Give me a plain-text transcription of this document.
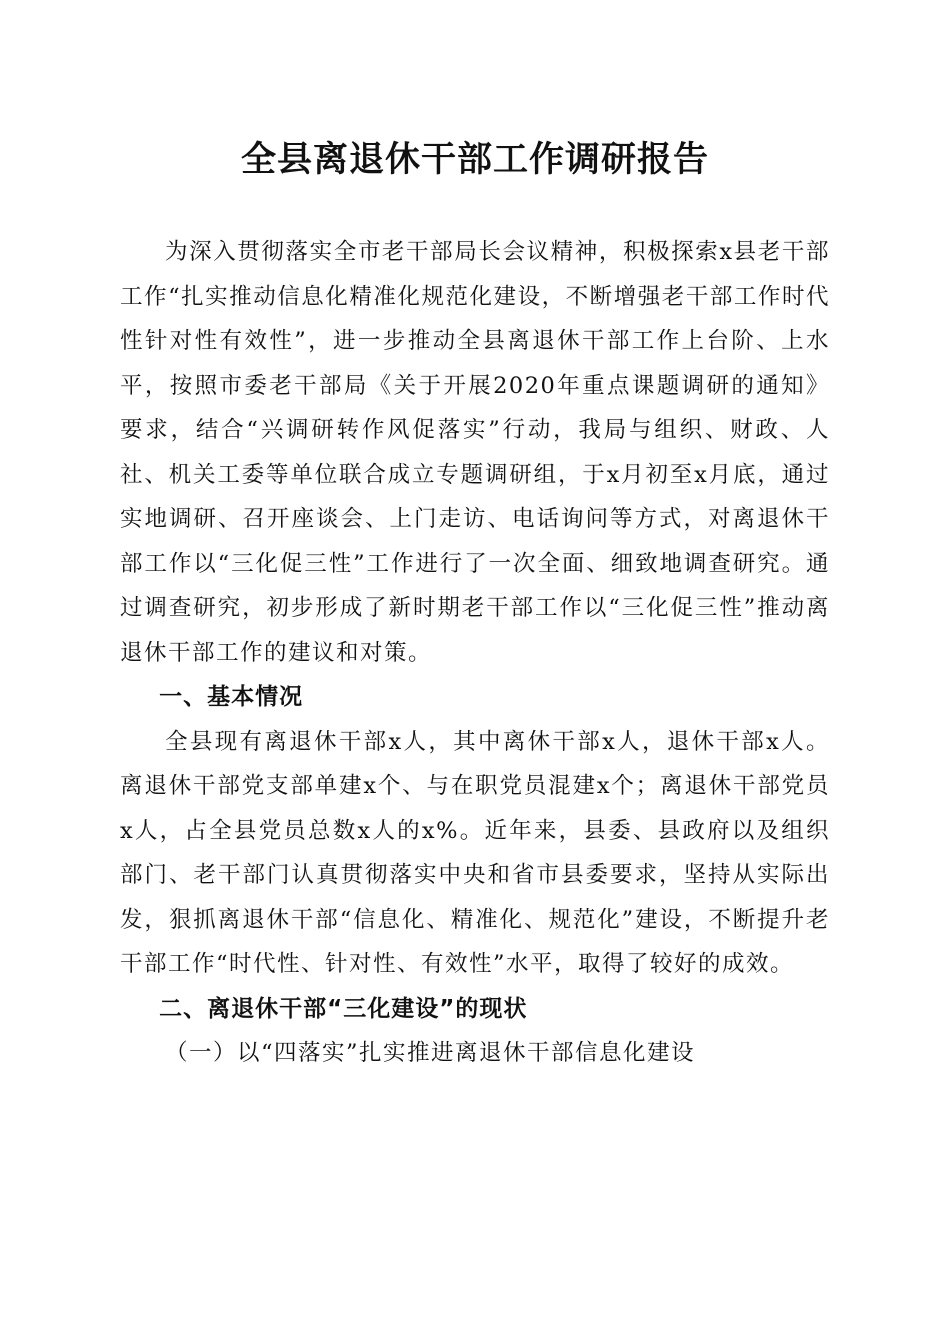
全县离退休干部工作调研报告

为深入贯彻落实全市老干部局长会议精神，积极探索x县老干部工作“扎实推动信息化精准化规范化建设，不断增强老干部工作时代性针对性有效性”，进一步推动全县离退休干部工作上台阶、上水平，按照市委老干部局《关于开展2020年重点课题调研的通知》要求，结合“兴调研转作风促落实”行动，我局与组织、财政、人社、机关工委等单位联合成立专题调研组，于x月初至x月底，通过实地调研、召开座谈会、上门走访、电话询问等方式，对离退休干部工作以“三化促三性”工作进行了一次全面、细致地调查研究。通过调查研究，初步形成了新时期老干部工作以“三化促三性”推动离退休干部工作的建议和对策。

一、基本情况

全县现有离退休干部x人，其中离休干部x人，退休干部x人。离退休干部党支部单建x个、与在职党员混建x个；离退休干部党员x人，占全县党员总数x人的x%。近年来，县委、县政府以及组织部门、老干部门认真贯彻落实中央和省市县委要求，坚持从实际出发，狠抓离退休干部“信息化、精准化、规范化”建设，不断提升老干部工作“时代性、针对性、有效性”水平，取得了较好的成效。

二、离退休干部“三化建设”的现状

（一）以“四落实”扎实推进离退休干部信息化建设
